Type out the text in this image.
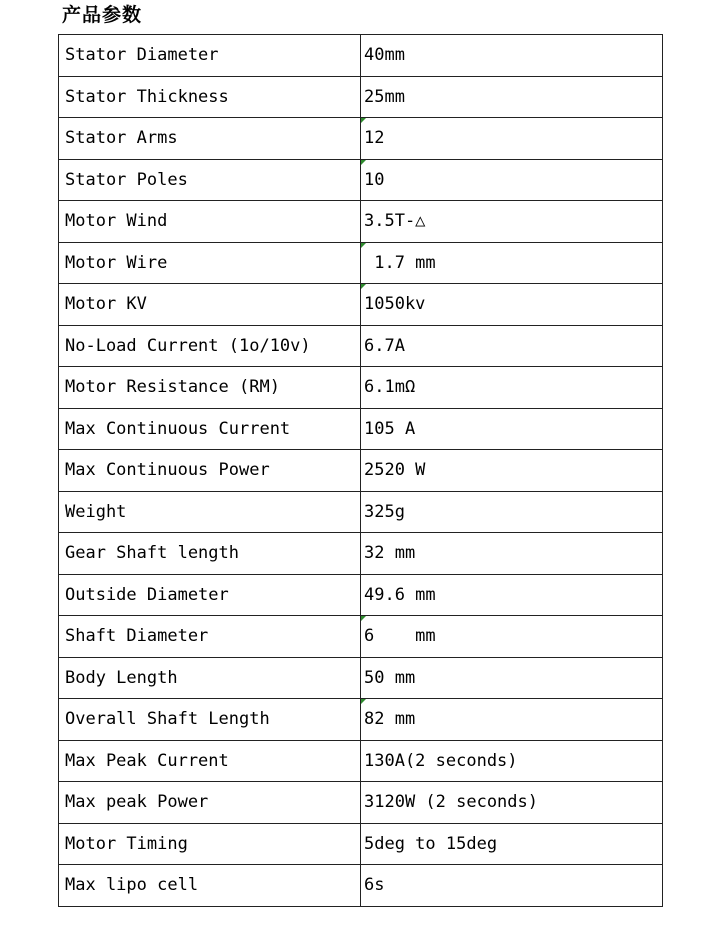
产品参数
Stator Diameter	40mm
Stator Thickness	25mm
Stator Arms	12
Stator Poles	10
Motor Wind	3.5T-△
Motor Wire	1.7 mm
Motor KV	1050kv
No-Load Current (1o/10v)	6.7A
Motor Resistance (RM)	6.1mΩ
Max Continuous Current	105 A
Max Continuous Power	2520 W
Weight	325g
Gear Shaft length	32 mm
Outside Diameter	49.6 mm
Shaft Diameter	6    mm
Body Length	50 mm
Overall Shaft Length	82 mm
Max Peak Current	130A(2 seconds)
Max peak Power	3120W (2 seconds)
Motor Timing	5deg to 15deg
Max lipo cell	6s
